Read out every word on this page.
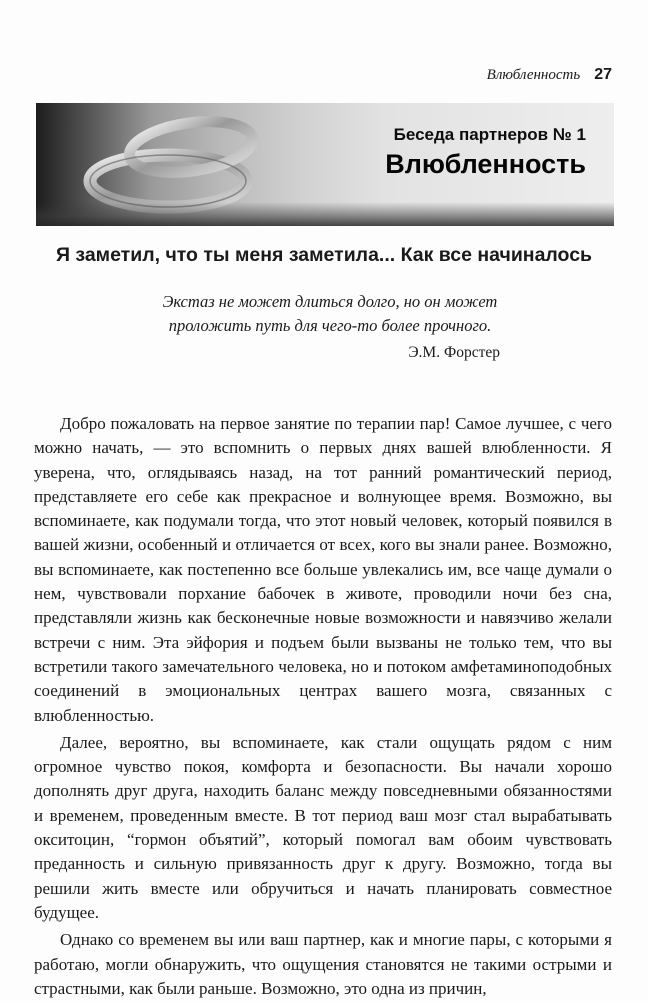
Влюбленность 27
Беседа партнеров № 1
Влюбленность
Я заметил, что ты меня заметила... Как все начиналось
Экстаз не может длиться долго, но он может проложить путь для чего-то более прочного.
Э.М. Форстер

Добро пожаловать на первое занятие по терапии пар! Самое лучшее, с чего можно начать, — это вспомнить о первых днях вашей влюбленности. Я уверена, что, оглядываясь назад, на тот ранний романтический период, представляете его себе как прекрасное и волнующее время. Возможно, вы вспоминаете, как подумали тогда, что этот новый человек, который появился в вашей жизни, особенный и отличается от всех, кого вы знали ранее. Возможно, вы вспоминаете, как постепенно все больше увлекались им, все чаще думали о нем, чувствовали порхание бабочек в животе, проводили ночи без сна, представляли жизнь как бесконечные новые возможности и навязчиво желали встречи с ним. Эта эйфория и подъем были вызваны не только тем, что вы встретили такого замечательного человека, но и потоком амфетаминоподобных соединений в эмоциональных центрах вашего мозга, связанных с влюбленностью.

Далее, вероятно, вы вспоминаете, как стали ощущать рядом с ним огромное чувство покоя, комфорта и безопасности. Вы начали хорошо дополнять друг друга, находить баланс между повседневными обязанностями и временем, проведенным вместе. В тот период ваш мозг стал вырабатывать окситоцин, “гормон объятий”, который помогал вам обоим чувствовать преданность и сильную привязанность друг к другу. Возможно, тогда вы решили жить вместе или обручиться и начать планировать совместное будущее.

Однако со временем вы или ваш партнер, как и многие пары, с которыми я работаю, могли обнаружить, что ощущения становятся не такими острыми и страстными, как были раньше. Возможно, это одна из причин,
